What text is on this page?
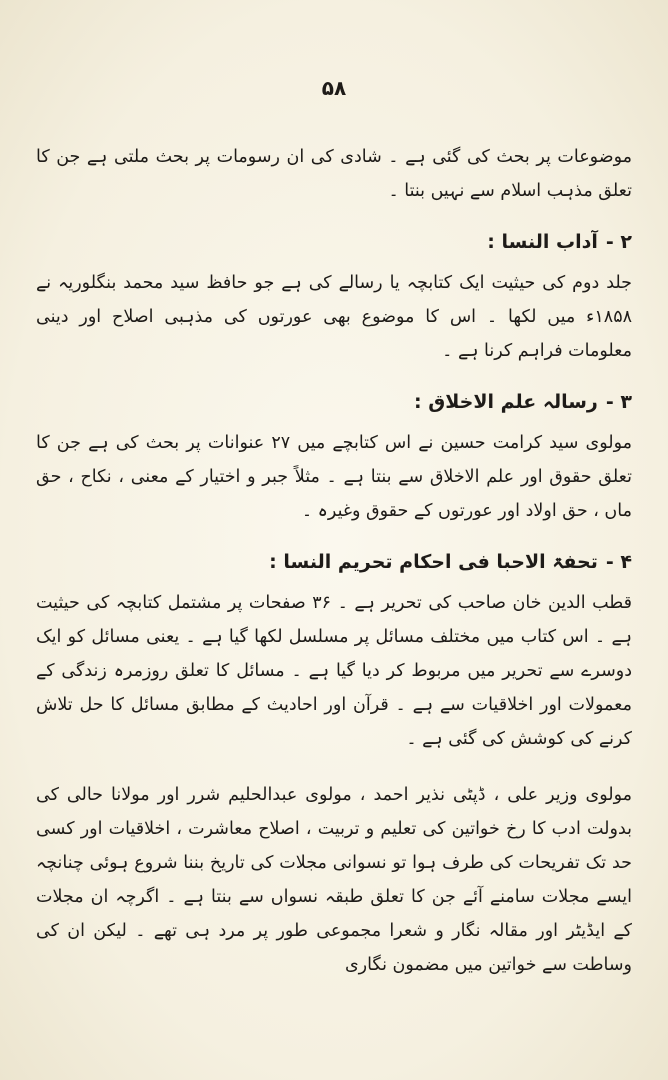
۵۸

موضوعات پر بحث کی گئی ہے ۔ شادی کی ان رسومات پر بحث ملتی ہے جن کا تعلق مذہب اسلام سے نہیں بنتا ۔

۲ -آداب النسا :

جلد دوم کی حیثیت ایک کتابچہ یا رسالے کی ہے جو حافظ سید محمد بنگلوریہ نے ۱۸۵۸ء میں لکھا ۔ اس کا موضوع بھی عورتوں کی مذہبی اصلاح اور دینی معلومات فراہم کرنا ہے ۔

۳ -رسالہ علم الاخلاق :

مولوی سید کرامت حسین نے اس کتابچے میں ۲۷ عنوانات پر بحث کی ہے جن کا تعلق حقوق اور علم الاخلاق سے بنتا ہے ۔ مثلاً جبر و اختیار کے معنی ، نکاح ، حق ماں ، حق اولاد اور عورتوں کے حقوق وغیرہ ۔

۴ -تحفۃ الاحبا فی احکام تحریم النسا :

قطب الدین خان صاحب کی تحریر ہے ۔ ۳۶ صفحات پر مشتمل کتابچہ کی حیثیت ہے ۔ اس کتاب میں مختلف مسائل پر مسلسل لکھا گیا ہے ۔ یعنی مسائل کو ایک دوسرے سے تحریر میں مربوط کر دیا گیا ہے ۔ مسائل کا تعلق روزمرہ زندگی کے معمولات اور اخلاقیات سے ہے ۔ قرآن اور احادیث کے مطابق مسائل کا حل تلاش کرنے کی کوشش کی گئی ہے ۔

مولوی وزیر علی ، ڈپٹی نذیر احمد ، مولوی عبدالحلیم شرر اور مولانا حالی کی بدولت ادب کا رخ خواتین کی تعلیم و تربیت ، اصلاح معاشرت ، اخلاقیات اور کسی حد تک تفریحات کی طرف ہوا تو نسوانی مجلات کی تاریخ بننا شروع ہوئی چنانچہ ایسے مجلات سامنے آئے جن کا تعلق طبقہ نسواں سے بنتا ہے ۔ اگرچہ ان مجلات کے ایڈیٹر اور مقالہ نگار و شعرا مجموعی طور پر مرد ہی تھے ۔ لیکن ان کی وساطت سے خواتین میں مضمون نگاری
